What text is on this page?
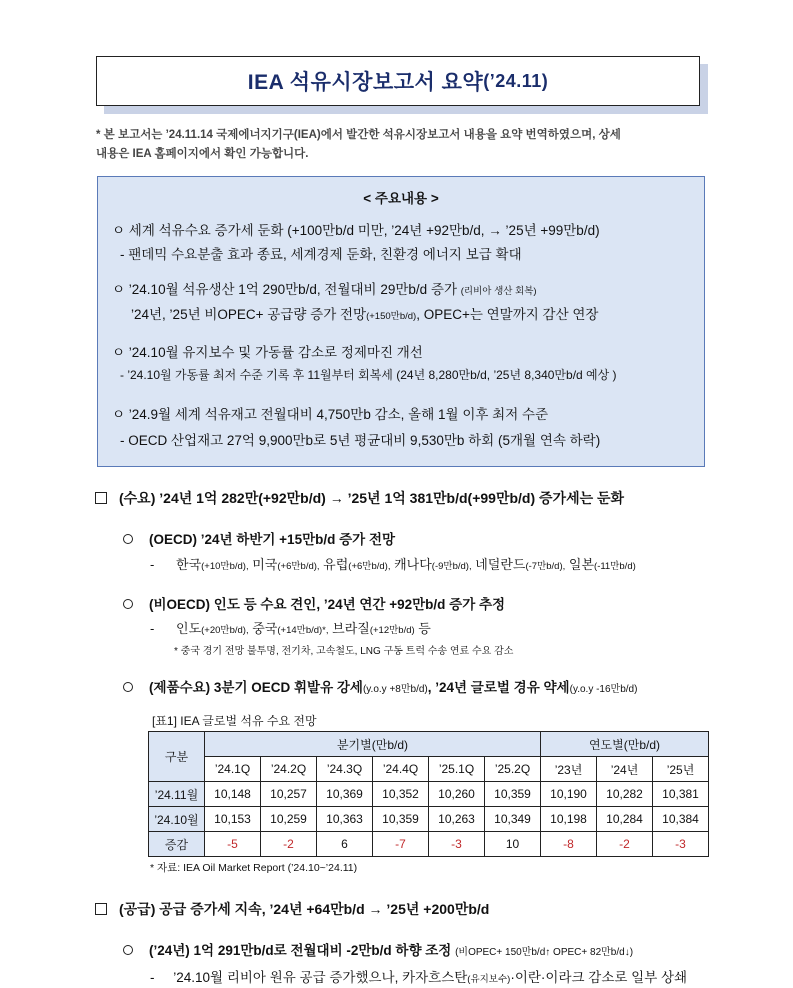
IEA 석유시장보고서 요약 (’24.11)
* 본 보고서는 ’24.11.14 국제에너지기구(IEA)에서 발간한 석유시장보고서 내용을 요약 번역하였으며, 상세
내용은 IEA 홈페이지에서 확인 가능합니다.
< 주요내용 >
ㅇ 세계 석유수요 증가세 둔화 (+100만b/d 미만, ’24년 +92만b/d, → ’25년 +99만b/d)
- 팬데믹 수요분출 효과 종료, 세계경제 둔화, 친환경 에너지 보급 확대
ㅇ ’24.10월 석유생산 1억 290만b/d, 전월대비 29만b/d 증가 (리비아 생산 회복)
’24년, ’25년 비OPEC+ 공급량 증가 전망(+150만b/d), OPEC+는 연말까지 감산 연장
ㅇ ’24.10월 유지보수 및 가동률 감소로 정제마진 개선
- ’24.10월 가동률 최저 수준 기록 후 11월부터 회복세 (24년 8,280만b/d, ’25년 8,340만b/d 예상 )
ㅇ ’24.9월 세계 석유재고 전월대비 4,750만b 감소, 올해 1월 이후 최저 수준
- OECD 산업재고 27억 9,900만b로 5년 평균대비 9,530만b 하회 (5개월 연속 하락)
(수요) ’24년 1억 282만(+92만b/d) → ’25년 1억 381만b/d(+99만b/d) 증가세는 둔화
(OECD) ’24년 하반기 +15만b/d 증가 전망
-      한국(+10만b/d), 미국(+6만b/d), 유럽(+6만b/d), 캐나다(-9만b/d), 네덜란드(-7만b/d), 일본(-11만b/d)
(비OECD) 인도 등 수요 견인, ’24년 연간 +92만b/d 증가 추정
-      인도(+20만b/d), 중국(+14만b/d)*, 브라질(+12만b/d) 등
* 중국 경기 전망 불투명, 전기차, 고속철도, LNG 구동 트럭 수송 연료 수요 감소
(제품수요) 3분기 OECD 휘발유 강세(y.o.y +8만b/d), ’24년 글로벌 경유 약세(y.o.y -16만b/d)
[표1] IEA 글로벌 석유 수요 전망
구분	분기별(만b/d)						연도별(만b/d)		
	’24.1Q	’24.2Q	’24.3Q	’24.4Q	’25.1Q	’25.2Q	’23년	’24년	’25년
’24.11월	10,148	10,257	10,369	10,352	10,260	10,359	10,190	10,282	10,381
’24.10월	10,153	10,259	10,363	10,359	10,263	10,349	10,198	10,284	10,384
증감	-5	-2	6	-7	-3	10	-8	-2	-3
* 자료: IEA Oil Market Report (’24.10~’24.11)
(공급) 공급 증가세 지속, ’24년 +64만b/d → ’25년 +200만b/d
(’24년) 1억 291만b/d로 전월대비 -2만b/d 하향 조정 (비OPEC+ 150만b/d↑ OPEC+ 82만b/d↓)
-     ’24.10월 리비아 원유 공급 증가했으나, 카자흐스탄(유지보수)·이란·이라크 감소로 일부 상쇄
